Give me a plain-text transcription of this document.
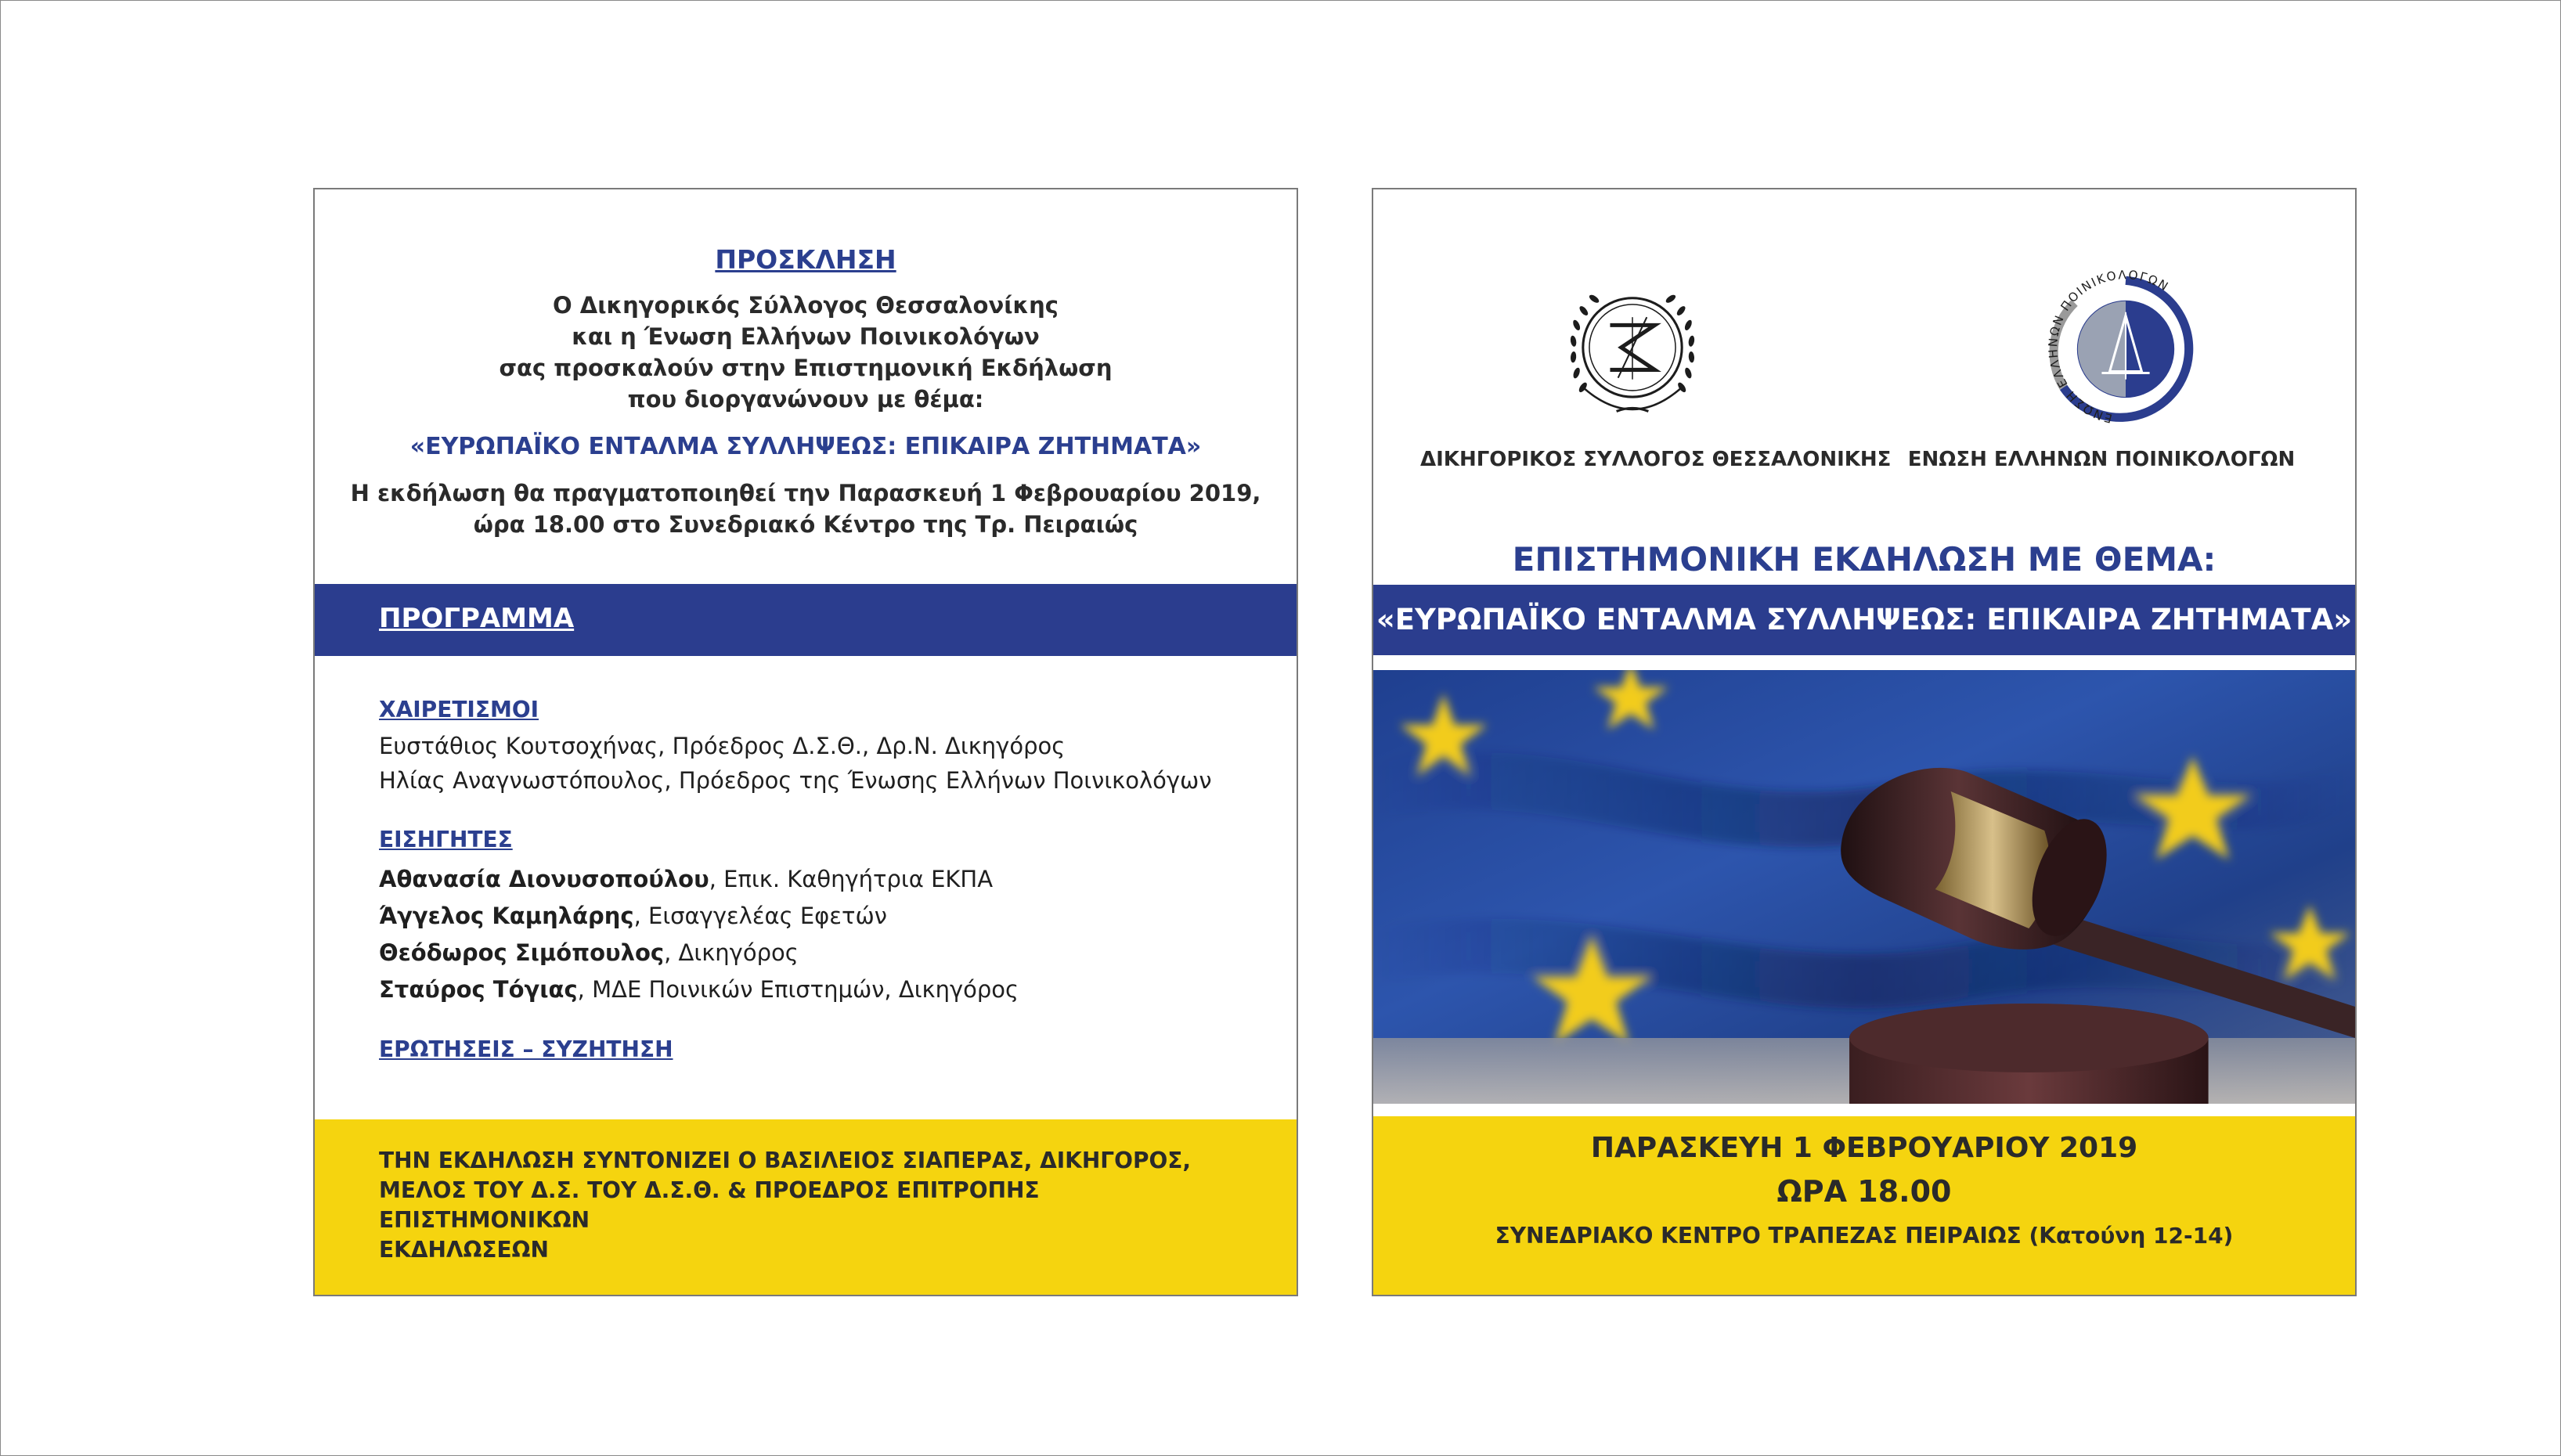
ΠΡΟΣΚΛΗΣΗ
Ο Δικηγορικός Σύλλογος Θεσσαλονίκης
και η Ένωση Ελλήνων Ποινικολόγων
σας προσκαλούν στην Επιστημονική Εκδήλωση
που διοργανώνουν με θέμα:
«ΕΥΡΩΠΑΪΚΟ ΕΝΤΑΛΜΑ ΣΥΛΛΗΨΕΩΣ: ΕΠΙΚΑΙΡΑ ΖΗΤΗΜΑΤΑ»
Η εκδήλωση θα πραγματοποιηθεί την Παρασκευή 1 Φεβρουαρίου 2019,
ώρα 18.00 στο Συνεδριακό Κέντρο της Τρ. Πειραιώς
ΠΡΟΓΡΑΜΜΑ
ΧΑΙΡΕΤΙΣΜΟΙ
Ευστάθιος Κουτσοχήνας, Πρόεδρος Δ.Σ.Θ., Δρ.Ν. Δικηγόρος
Ηλίας Αναγνωστόπουλος, Πρόεδρος της Ένωσης Ελλήνων Ποινικολόγων
ΕΙΣΗΓΗΤΕΣ
Αθανασία Διονυσοπούλου, Επικ. Καθηγήτρια ΕΚΠΑ
Άγγελος Καμηλάρης, Εισαγγελέας Εφετών
Θεόδωρος Σιμόπουλος, Δικηγόρος
Σταύρος Τόγιας, ΜΔΕ Ποινικών Επιστημών, Δικηγόρος
ΕΡΩΤΗΣΕΙΣ – ΣΥΖΗΤΗΣΗ
ΤΗΝ ΕΚΔΗΛΩΣΗ ΣΥΝΤΟΝΙΖΕΙ Ο ΒΑΣΙΛΕΙΟΣ ΣΙΑΠΕΡΑΣ, ΔΙΚΗΓΟΡΟΣ,
ΜΕΛΟΣ ΤΟΥ Δ.Σ. ΤΟΥ Δ.Σ.Θ. & ΠΡΟΕΔΡΟΣ ΕΠΙΤΡΟΠΗΣ ΕΠΙΣΤΗΜΟΝΙΚΩΝ
ΕΚΔΗΛΩΣΕΩΝ
ΕΝΩΣΗ ΕΛΛΗΝΩΝ ΠΟΙΝΙΚΟΛΟΓΩΝ
ΔΙΚΗΓΟΡΙΚΟΣ ΣΥΛΛΟΓΟΣ ΘΕΣΣΑΛΟΝΙΚΗΣ ΕΝΩΣΗ ΕΛΛΗΝΩΝ ΠΟΙΝΙΚΟΛΟΓΩΝ
ΕΠΙΣΤΗΜΟΝΙΚΗ ΕΚΔΗΛΩΣΗ ΜΕ ΘΕΜΑ:
«ΕΥΡΩΠΑΪΚΟ ΕΝΤΑΛΜΑ ΣΥΛΛΗΨΕΩΣ: ΕΠΙΚΑΙΡΑ ΖΗΤΗΜΑΤΑ»
ΠΑΡΑΣΚΕΥΗ 1 ΦΕΒΡΟΥΑΡΙΟΥ 2019
ΩΡΑ 18.00
ΣΥΝΕΔΡΙΑΚΟ ΚΕΝΤΡΟ ΤΡΑΠΕΖΑΣ ΠΕΙΡΑΙΩΣ (Κατούνη 12-14)
